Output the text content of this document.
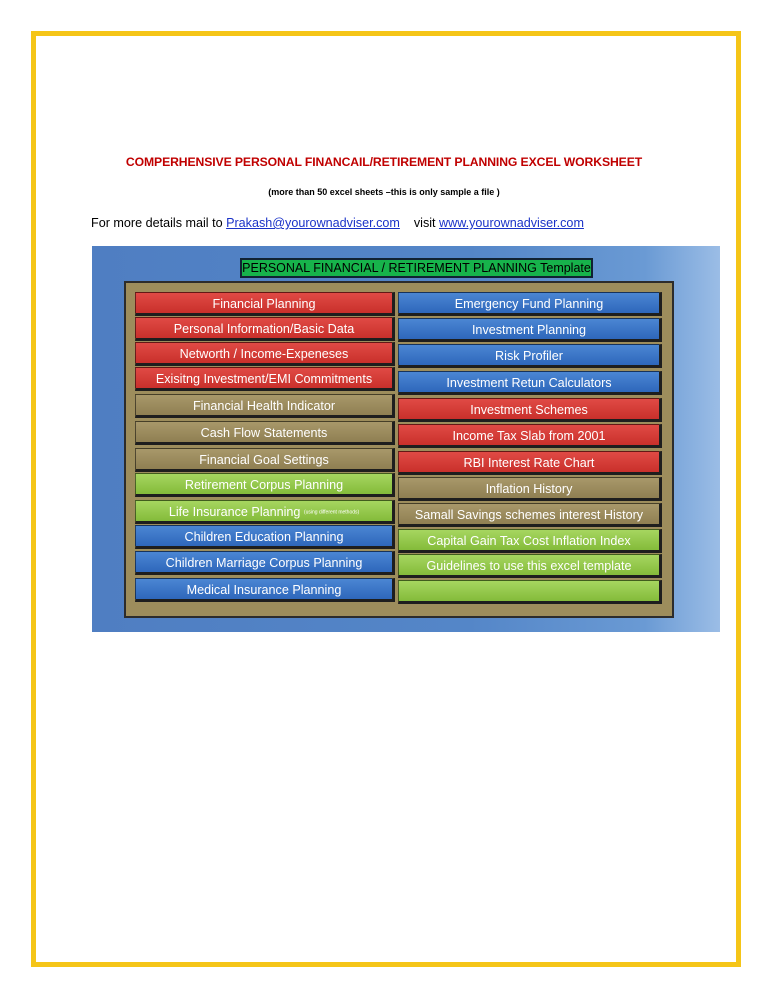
COMPERHENSIVE PERSONAL FINANCAIL/RETIREMENT PLANNING EXCEL WORKSHEET
(more than 50 excel sheets –this is only sample a file )
For more details mail to Prakash@yourownadviser.com visit www.yourownadviser.com
PERSONAL FINANCIAL / RETIREMENT PLANNING Template
Financial Planning
Personal Information/Basic Data
Networth / Income-Expeneses
Exisitng Investment/EMI Commitments
Financial Health Indicator
Cash Flow Statements
Financial Goal Settings
Retirement Corpus Planning
Life Insurance Planning (using different methods)
Children Education Planning
Children Marriage Corpus Planning
Medical Insurance Planning
Emergency Fund Planning
Investment Planning
Risk Profiler
Investment Retun Calculators
Investment Schemes
Income Tax Slab from 2001
RBI Interest Rate Chart
Inflation History
Samall Savings schemes interest History
Capital Gain Tax Cost Inflation Index
Guidelines to use this excel template
